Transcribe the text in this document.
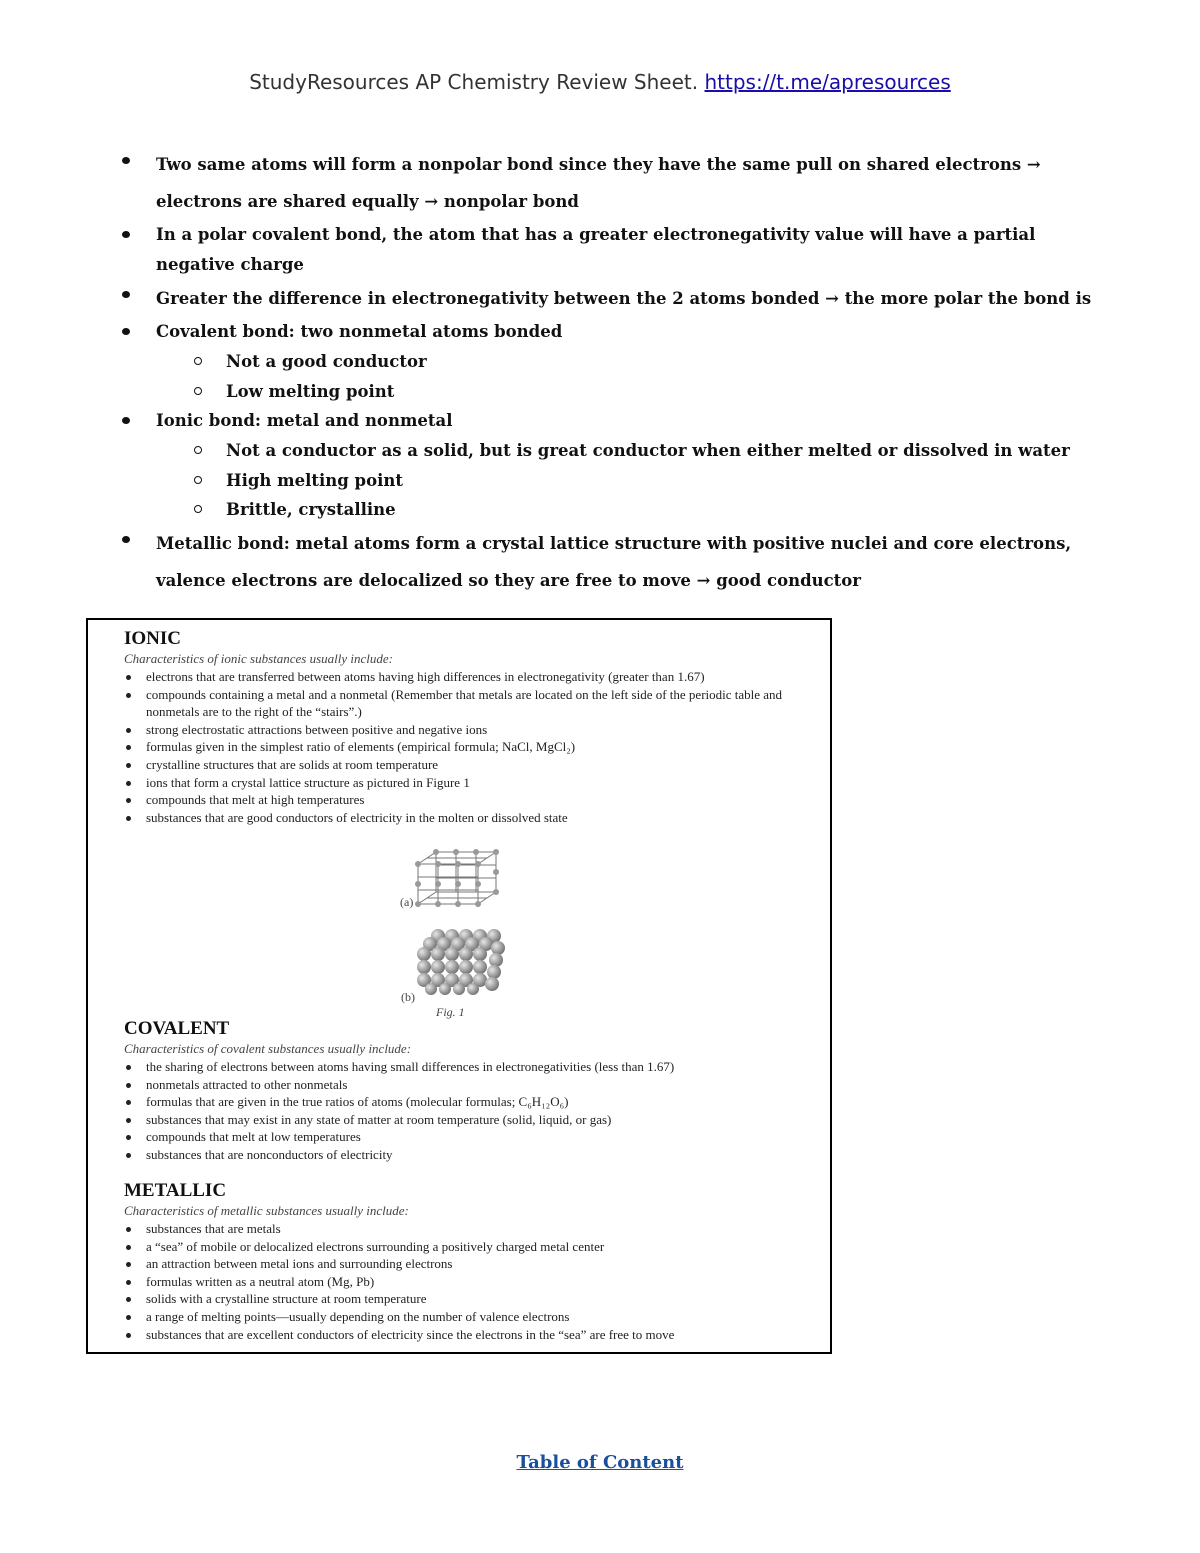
StudyResources AP Chemistry Review Sheet. https://t.me/apresources
Two same atoms will form a nonpolar bond since they have the same pull on shared electrons → electrons are shared equally → nonpolar bond
In a polar covalent bond, the atom that has a greater electronegativity value will have a partial negative charge
Greater the difference in electronegativity between the 2 atoms bonded → the more polar the bond is
Covalent bond: two nonmetal atoms bonded
Not a good conductor
Low melting point
Ionic bond: metal and nonmetal
Not a conductor as a solid, but is great conductor when either melted or dissolved in water
High melting point
Brittle, crystalline
Metallic bond: metal atoms form a crystal lattice structure with positive nuclei and core electrons, valence electrons are delocalized so they are free to move → good conductor
IONIC
Characteristics of ionic substances usually include:
electrons that are transferred between atoms having high differences in electronegativity (greater than 1.67)
compounds containing a metal and a nonmetal (Remember that metals are located on the left side of the periodic table and nonmetals are to the right of the “stairs”.)
strong electrostatic attractions between positive and negative ions
formulas given in the simplest ratio of elements (empirical formula; NaCl, MgCl₂)
crystalline structures that are solids at room temperature
ions that form a crystal lattice structure as pictured in Figure 1
compounds that melt at high temperatures
substances that are good conductors of electricity in the molten or dissolved state
(a)
(b)
Fig. 1
COVALENT
Characteristics of covalent substances usually include:
the sharing of electrons between atoms having small differences in electronegativities (less than 1.67)
nonmetals attracted to other nonmetals
formulas that are given in the true ratios of atoms (molecular formulas; C₆H₁₂O₆)
substances that may exist in any state of matter at room temperature (solid, liquid, or gas)
compounds that melt at low temperatures
substances that are nonconductors of electricity
METALLIC
Characteristics of metallic substances usually include:
substances that are metals
a “sea” of mobile or delocalized electrons surrounding a positively charged metal center
an attraction between metal ions and surrounding electrons
formulas written as a neutral atom (Mg, Pb)
solids with a crystalline structure at room temperature
a range of melting points—usually depending on the number of valence electrons
substances that are excellent conductors of electricity since the electrons in the “sea” are free to move
Table of Content
